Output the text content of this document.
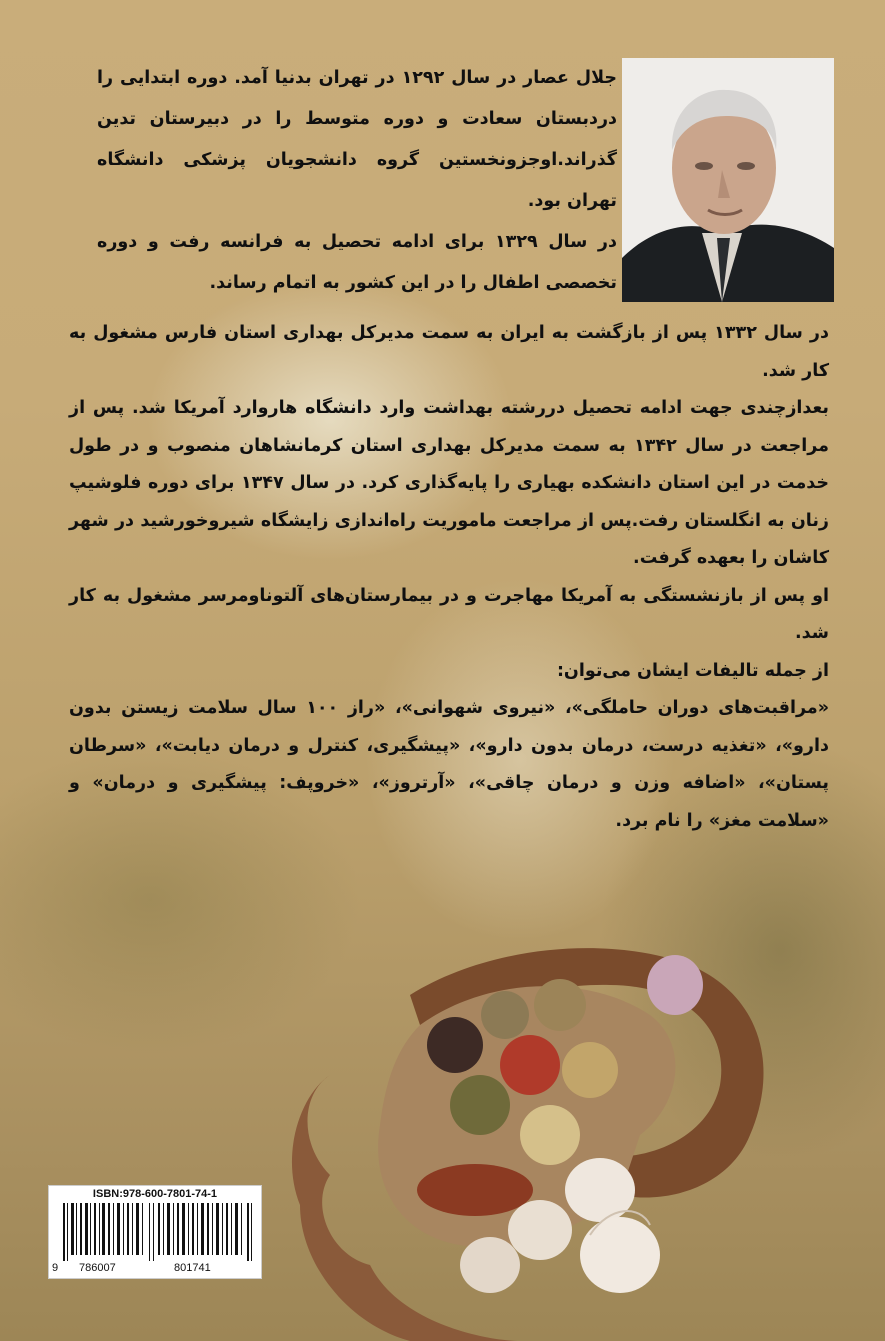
جلال عصار در سال ۱۲۹۲ در تهران بدنیا آمد. دوره ابتدایی را دردبستان سعادت و دوره متوسط را در دبیرستان تدین گذراند.اوجزونخستین گروه دانشجویان پزشکی دانشگاه تهران بود.

در سال ۱۳۲۹ برای ادامه تحصیل به فرانسه رفت و دوره تخصصی اطفال را در این کشور به اتمام رساند.

در سال ۱۳۳۲ پس از بازگشت به ایران به سمت مدیرکل بهداری استان فارس مشغول به کار شد.

بعدازچندی جهت ادامه تحصیل دررشته بهداشت وارد دانشگاه هاروارد آمریکا شد. پس از مراجعت در سال ۱۳۴۲ به سمت مدیرکل بهداری استان کرمانشاهان منصوب و در طول خدمت در این استان دانشکده بهیاری را پایه‌گذاری کرد. در سال ۱۳۴۷ برای دوره فلوشیپ زنان به انگلستان رفت.پس از مراجعت ماموریت راه‌اندازی زایشگاه شیروخورشید در شهر کاشان را بعهده گرفت.

او پس از بازنشستگی به آمریکا مهاجرت و در بیمارستان‌های آلتوناومرسر مشغول به کار شد.

از جمله تالیفات ایشان می‌توان:

«مراقبت‌های دوران حاملگی»، «نیروی شهوانی»، «راز ۱۰۰ سال سلامت زیستن بدون دارو»، «تغذیه درست، درمان بدون دارو»، «پیشگیری، کنترل و درمان دیابت»، «سرطان پستان»، «اضافه وزن و درمان چاقی»، «آرتروز»، «خروپف: پیشگیری و درمان» و «سلامت مغز» را نام برد.

ISBN:978-600-7801-74-1
9 786007	801741
